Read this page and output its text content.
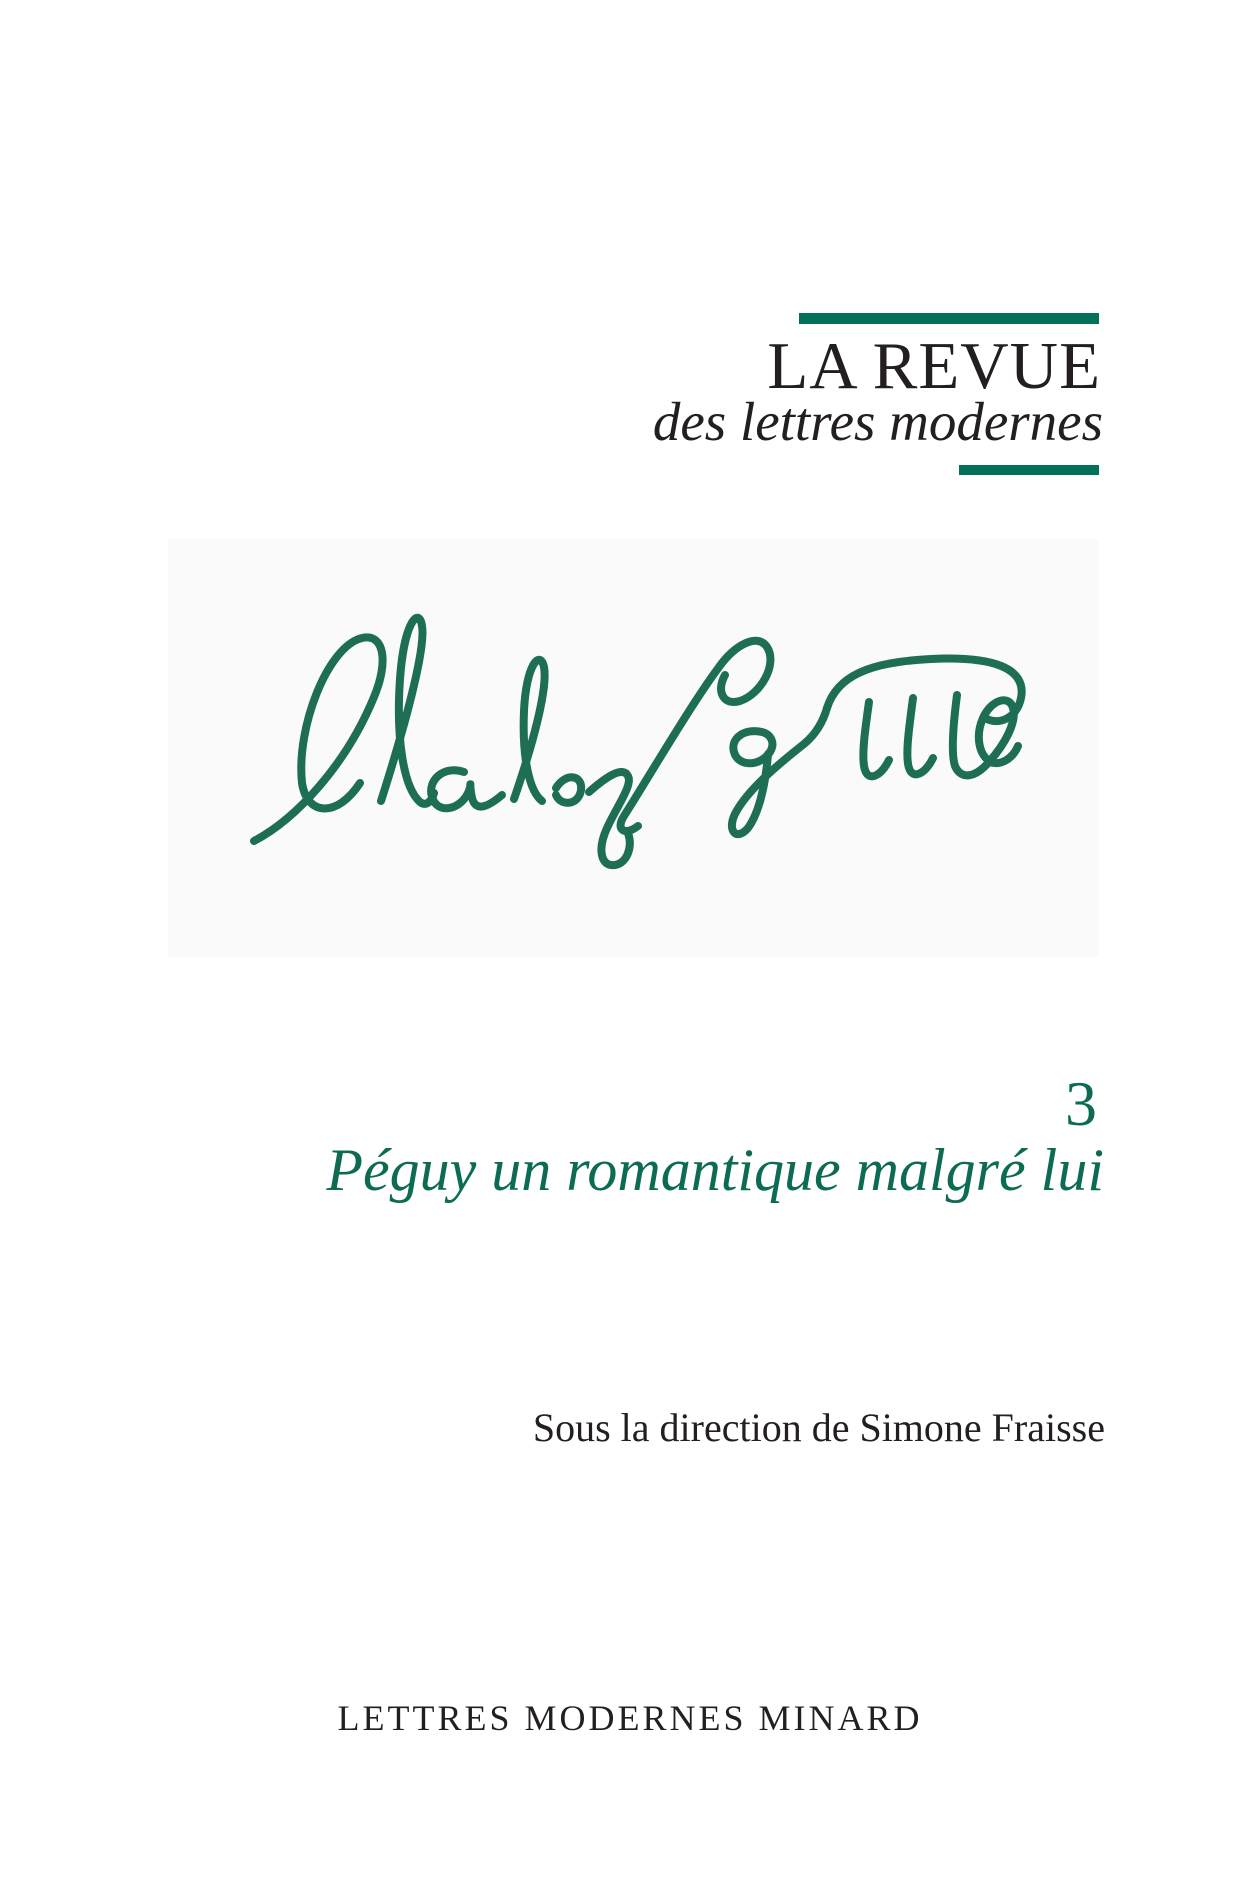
LA REVUE
des lettres modernes
3
Péguy un romantique malgré lui
Sous la direction de Simone Fraisse
LETTRES MODERNES MINARD
